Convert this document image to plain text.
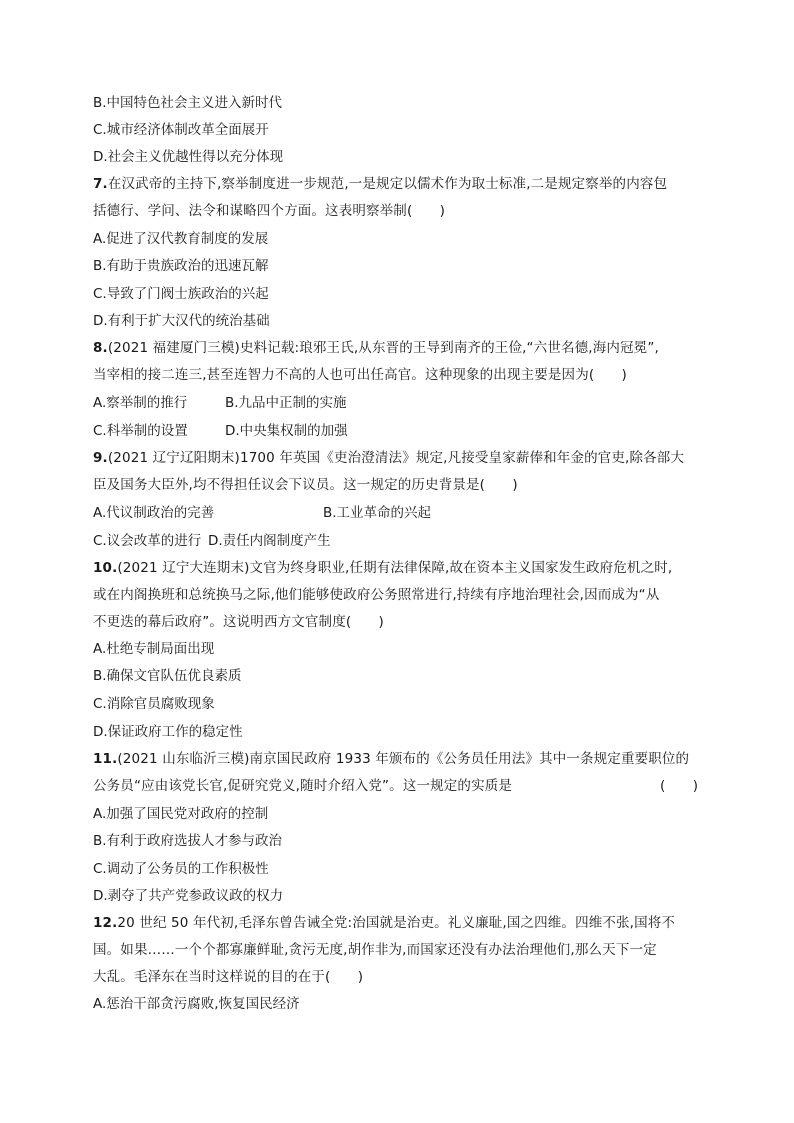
B.中国特色社会主义进入新时代
C.城市经济体制改革全面展开
D.社会主义优越性得以充分体现
7.在汉武帝的主持下,察举制度进一步规范,一是规定以儒术作为取士标准,二是规定察举的内容包
括德行、学问、法令和谋略四个方面。这表明察举制(　　)
A.促进了汉代教育制度的发展
B.有助于贵族政治的迅速瓦解
C.导致了门阀士族政治的兴起
D.有利于扩大汉代的统治基础
8.(2021 福建厦门三模)史料记载:琅邪王氏,从东晋的王导到南齐的王俭,“六世名德,海内冠冕”,
当宰相的接二连三,甚至连智力不高的人也可出任高官。这种现象的出现主要是因为(　　)
A.察举制的推行	B.九品中正制的实施
C.科举制的设置	D.中央集权制的加强
9.(2021 辽宁辽阳期末)1700 年英国《吏治澄清法》规定,凡接受皇家薪俸和年金的官吏,除各部大
臣及国务大臣外,均不得担任议会下议员。这一规定的历史背景是(　　)
A.代议制政治的完善	B.工业革命的兴起
C.议会改革的进行 D.责任内阁制度产生
10.(2021 辽宁大连期末)文官为终身职业,任期有法律保障,故在资本主义国家发生政府危机之时,
或在内阁换班和总统换马之际,他们能够使政府公务照常进行,持续有序地治理社会,因而成为“从
不更迭的幕后政府”。这说明西方文官制度(　　)
A.杜绝专制局面出现
B.确保文官队伍优良素质
C.消除官员腐败现象
D.保证政府工作的稳定性
11.(2021 山东临沂三模)南京国民政府 1933 年颁布的《公务员任用法》其中一条规定重要职位的
公务员“应由该党长官,促研究党义,随时介绍入党”。这一规定的实质是	(　　)
A.加强了国民党对政府的控制
B.有利于政府选拔人才参与政治
C.调动了公务员的工作积极性
D.剥夺了共产党参政议政的权力
12.20 世纪 50 年代初,毛泽东曾告诫全党:治国就是治吏。礼义廉耻,国之四维。四维不张,国将不
国。如果……一个个都寡廉鲜耻,贪污无度,胡作非为,而国家还没有办法治理他们,那么天下一定
大乱。毛泽东在当时这样说的目的在于(　　)
A.惩治干部贪污腐败,恢复国民经济
